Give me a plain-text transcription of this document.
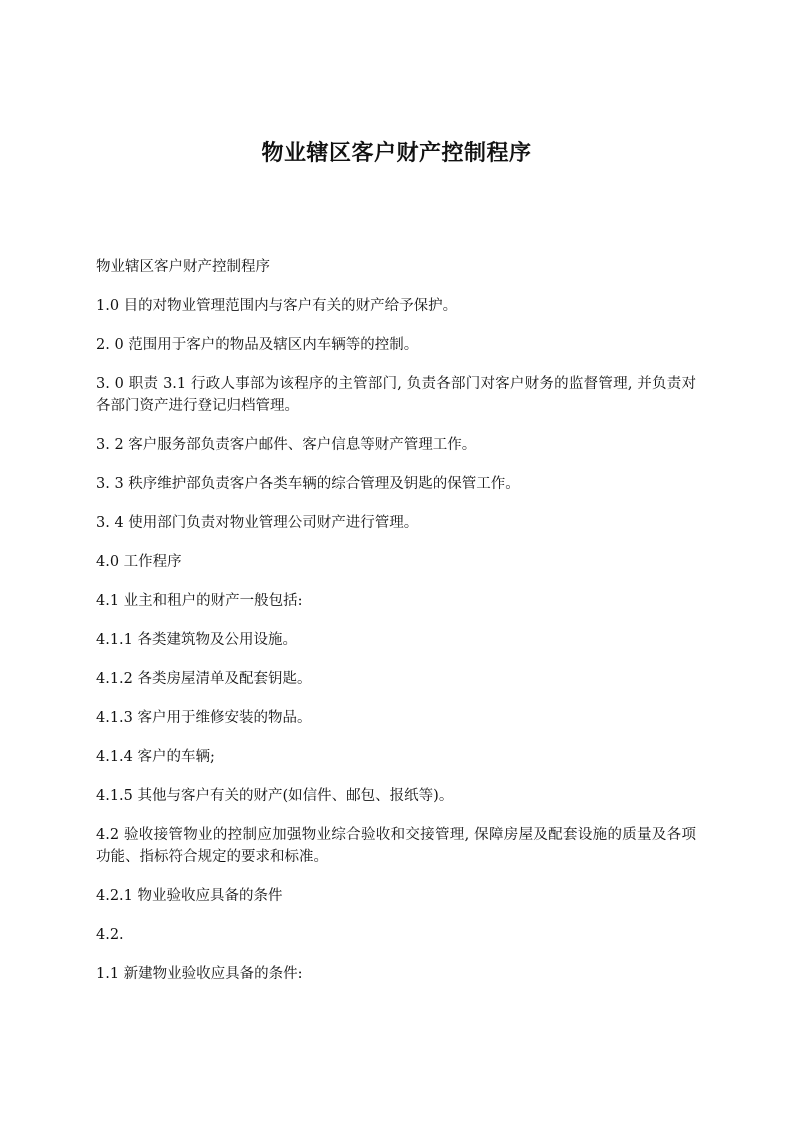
物业辖区客户财产控制程序

物业辖区客户财产控制程序

1.0 目的对物业管理范围内与客户有关的财产给予保护。

2. 0 范围用于客户的物品及辖区内车辆等的控制。

3. 0 职责 3.1 行政人事部为该程序的主管部门, 负责各部门对客户财务的监督管理, 并负责对各部门资产进行登记归档管理。

3. 2 客户服务部负责客户邮件、客户信息等财产管理工作。

3. 3 秩序维护部负责客户各类车辆的综合管理及钥匙的保管工作。

3. 4 使用部门负责对物业管理公司财产进行管理。

4.0 工作程序

4.1 业主和租户的财产一般包括:

4.1.1 各类建筑物及公用设施。

4.1.2 各类房屋清单及配套钥匙。

4.1.3 客户用于维修安装的物品。

4.1.4 客户的车辆;

4.1.5 其他与客户有关的财产(如信件、邮包、报纸等)。

4.2 验收接管物业的控制应加强物业综合验收和交接管理, 保障房屋及配套设施的质量及各项功能、指标符合规定的要求和标准。

4.2.1 物业验收应具备的条件

4.2.

1.1 新建物业验收应具备的条件:
